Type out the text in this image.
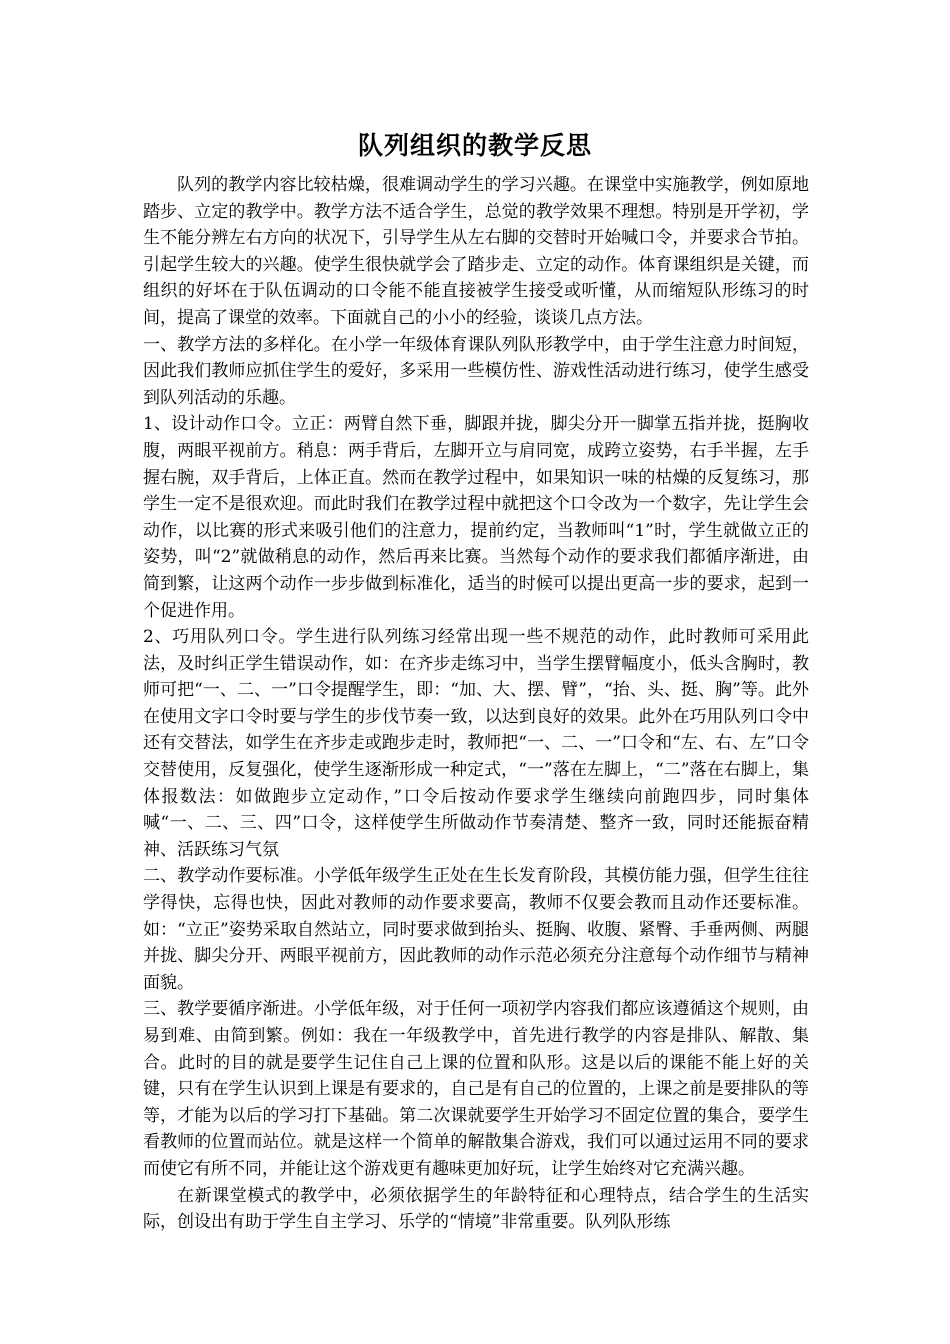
队列组织的教学反思

队列的教学内容比较枯燥，很难调动学生的学习兴趣。在课堂中实施教学，例如原地踏步、立定的教学中。教学方法不适合学生，总觉的教学效果不理想。特别是开学初，学生不能分辨左右方向的状况下，引导学生从左右脚的交替时开始喊口令，并要求合节拍。引起学生较大的兴趣。使学生很快就学会了踏步走、立定的动作。体育课组织是关键，而组织的好坏在于队伍调动的口令能不能直接被学生接受或听懂，从而缩短队形练习的时间，提高了课堂的效率。下面就自己的小小的经验，谈谈几点方法。

一、教学方法的多样化。在小学一年级体育课队列队形教学中，由于学生注意力时间短，因此我们教师应抓住学生的爱好，多采用一些模仿性、游戏性活动进行练习，使学生感受到队列活动的乐趣。

1、设计动作口令。立正：两臂自然下垂，脚跟并拢，脚尖分开一脚掌五指并拢，挺胸收腹，两眼平视前方。稍息：两手背后，左脚开立与肩同宽，成跨立姿势，右手半握，左手握右腕，双手背后，上体正直。然而在教学过程中，如果知识一味的枯燥的反复练习，那学生一定不是很欢迎。而此时我们在教学过程中就把这个口令改为一个数字，先让学生会动作，以比赛的形式来吸引他们的注意力，提前约定，当教师叫“1”时，学生就做立正的姿势，叫“2”就做稍息的动作，然后再来比赛。当然每个动作的要求我们都循序渐进，由简到繁，让这两个动作一步步做到标准化，适当的时候可以提出更高一步的要求，起到一个促进作用。

2、巧用队列口令。学生进行队列练习经常出现一些不规范的动作，此时教师可采用此法，及时纠正学生错误动作，如：在齐步走练习中，当学生摆臂幅度小，低头含胸时，教师可把“一、二、一”口令提醒学生，即：“加、大、摆、臂”，“抬、头、挺、胸”等。此外在使用文字口令时要与学生的步伐节奏一致，以达到良好的效果。此外在巧用队列口令中还有交替法，如学生在齐步走或跑步走时，教师把“一、二、一”口令和“左、右、左”口令交替使用，反复强化，使学生逐渐形成一种定式，“一”落在左脚上，“二”落在右脚上，集体报数法：如做跑步立定动作，”口令后按动作要求学生继续向前跑四步，同时集体喊“一、二、三、四”口令，这样使学生所做动作节奏清楚、整齐一致，同时还能振奋精神、活跃练习气氛

二、教学动作要标准。小学低年级学生正处在生长发育阶段，其模仿能力强，但学生往往学得快，忘得也快，因此对教师的动作要求要高，教师不仅要会教而且动作还要标准。如：“立正”姿势采取自然站立，同时要求做到抬头、挺胸、收腹、紧臀、手垂两侧、两腿并拢、脚尖分开、两眼平视前方，因此教师的动作示范必须充分注意每个动作细节与精神面貌。

三、教学要循序渐进。小学低年级，对于任何一项初学内容我们都应该遵循这个规则，由易到难、由简到繁。例如：我在一年级教学中，首先进行教学的内容是排队、解散、集合。此时的目的就是要学生记住自己上课的位置和队形。这是以后的课能不能上好的关键，只有在学生认识到上课是有要求的，自己是有自己的位置的，上课之前是要排队的等等，才能为以后的学习打下基础。第二次课就要学生开始学习不固定位置的集合，要学生看教师的位置而站位。就是这样一个简单的解散集合游戏，我们可以通过运用不同的要求而使它有所不同，并能让这个游戏更有趣味更加好玩，让学生始终对它充满兴趣。

在新课堂模式的教学中，必须依据学生的年龄特征和心理特点，结合学生的生活实际，创设出有助于学生自主学习、乐学的“情境”非常重要。队列队形练
